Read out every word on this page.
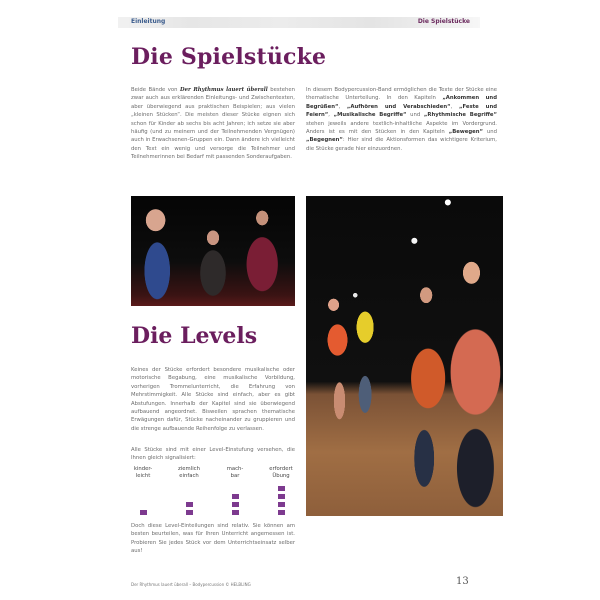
Einleitung	Die Spielstücke
Die Spielstücke
Beide Bände von Der Rhythmus lauert überall bestehen zwar auch aus erklärenden Einleitungs- und Zwischentexten, aber überwiegend aus praktischen Beispielen; aus vielen „kleinen Stücken“. Die meisten dieser Stücke eignen sich schon für Kinder ab sechs bis acht Jahren; ich setze sie aber häufig (und zu meinem und der Teilnehmenden Vergnügen) auch in Erwachsenen-Gruppen ein. Dann ändere ich vielleicht den Text ein wenig und versorge die Teilnehmer und Teilnehmerinnen bei Bedarf mit passenden Sonderaufgaben.
In diesem Bodypercussion-Band ermöglichen die Texte der Stücke eine thematische Unterteilung. In den Kapiteln „Ankommen und Begrüßen“, „Aufhören und Verabschieden“, „Feste und Feiern“, „Musikalische Begriffe“ und „Rhythmische Begriffe“ stehen jeweils andere textlich-inhaltliche Aspekte im Vordergrund. Anders ist es mit den Stücken in den Kapiteln „Bewegen“ und „Begegnen“: Hier sind die Aktionsformen das wichtigere Kriterium, die Stücke gerade hier einzuordnen.
Die Levels
Keines der Stücke erfordert besondere musikalische oder motorische Begabung, eine musikalische Vorbildung, vorherigen Trommelunterricht, die Erfahrung von Mehrstimmigkeit. Alle Stücke sind einfach, aber es gibt Abstufungen. Innerhalb der Kapitel sind sie überwiegend aufbauend angeordnet. Bisweilen sprachen thematische Erwägungen dafür, Stücke nacheinander zu gruppieren und die strenge aufbauende Reihenfolge zu verlassen.
Alle Stücke sind mit einer Level-Einstufung versehen, die Ihnen gleich signalisiert:
kinder-
leicht
ziemlich
einfach
mach-
bar
erfordert
Übung
Doch diese Level-Einteilungen sind relativ. Sie können am besten beurteilen, was für Ihren Unterricht angemessen ist. Probieren Sie jedes Stück vor dem Unterrichtseinsatz selber aus!
Der Rhythmus lauert überall – Bodypercussion © HELBLING	13
